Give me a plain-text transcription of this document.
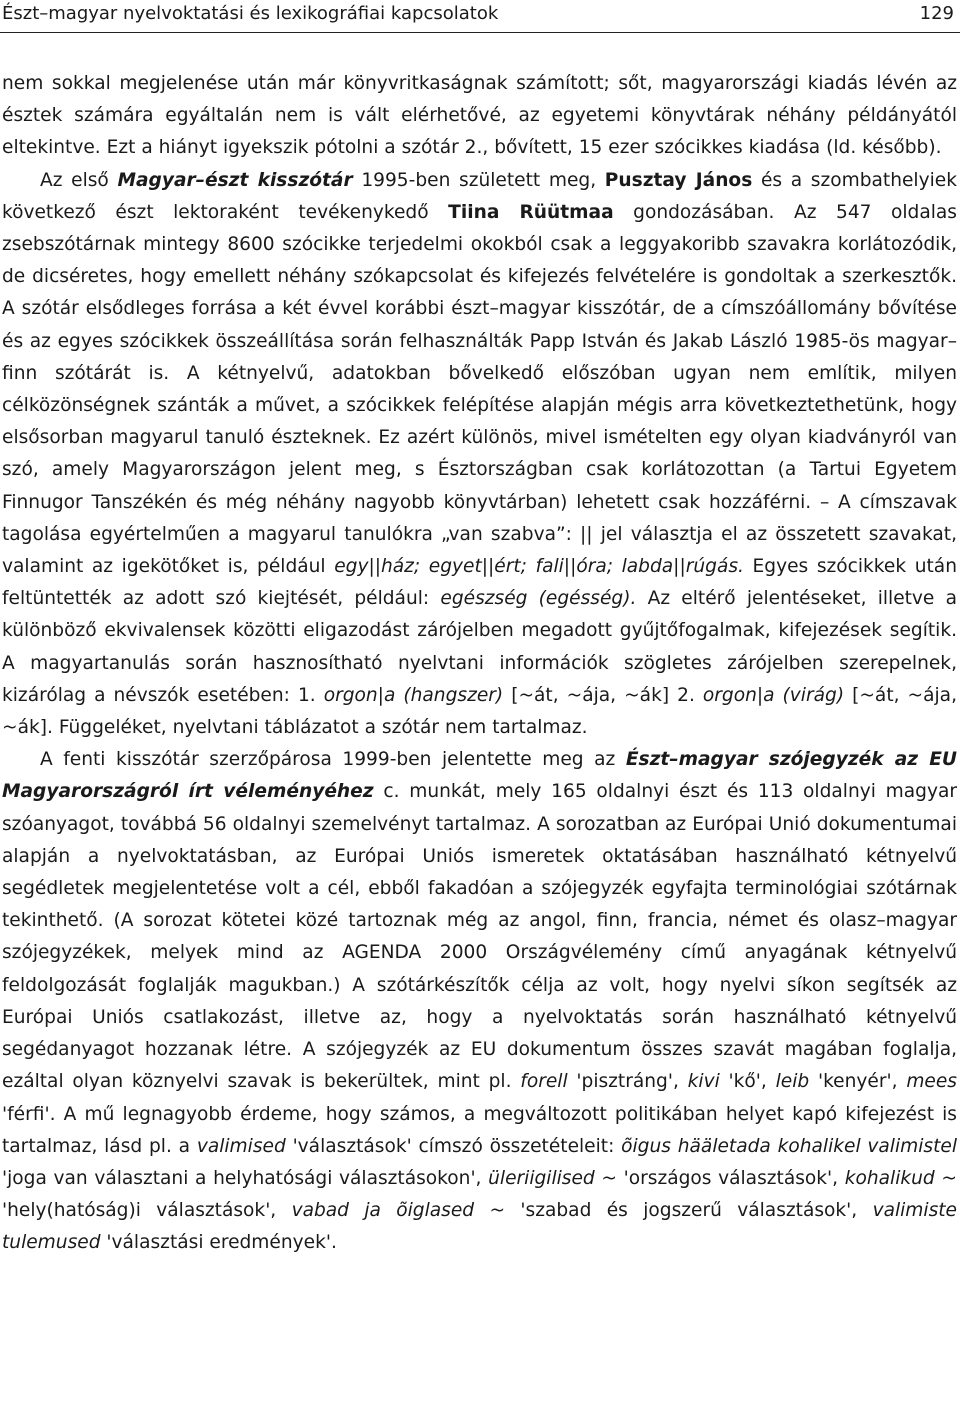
Észt–magyar nyelvoktatási és lexikográfiai kapcsolatok	129

nem sokkal megjelenése után már könyvritkaságnak számított; sőt, magyarországi kiadás lévén az észtek számára egyáltalán nem is vált elérhetővé, az egyetemi könyvtárak néhány példányától eltekintve. Ezt a hiányt igyekszik pótolni a szótár 2., bővített, 15 ezer szócikkes kiadása (ld. később).

Az első Magyar–észt kisszótár 1995-ben született meg, Pusztay János és a szombathelyiek következő észt lektoraként tevékenykedő Tiina Rüütmaa gondozásában. Az 547 oldalas zsebszótárnak mintegy 8600 szócikke terjedelmi okokból csak a leggyakoribb szavakra korlátozódik, de dicséretes, hogy emellett néhány szókapcsolat és kifejezés felvételére is gondoltak a szerkesztők. A szótár elsődleges forrása a két évvel korábbi észt–magyar kisszótár, de a címszóállomány bővítése és az egyes szócikkek összeállítása során felhasználták Papp István és Jakab László 1985-ös magyar–finn szótárát is. A kétnyelvű, adatokban bővelkedő előszóban ugyan nem említik, milyen célközönségnek szánták a művet, a szócikkek felépítése alapján mégis arra következtethetünk, hogy elsősorban magyarul tanuló észteknek. Ez azért különös, mivel ismételten egy olyan kiadványról van szó, amely Magyarországon jelent meg, s Észtországban csak korlátozottan (a Tartui Egyetem Finnugor Tanszékén és még néhány nagyobb könyvtárban) lehetett csak hozzáférni. – A címszavak tagolása egyértelműen a magyarul tanulókra „van szabva”: || jel választja el az összetett szavakat, valamint az igekötőket is, például egy||ház; egyet||ért; fali||óra; labda||rúgás. Egyes szócikkek után feltüntették az adott szó kiejtését, például: egészség (egésség). Az eltérő jelentéseket, illetve a különböző ekvivalensek közötti eligazodást zárójelben megadott gyűjtőfogalmak, kifejezések segítik. A magyartanulás során hasznosítható nyelvtani információk szögletes zárójelben szerepelnek, kizárólag a névszók esetében: 1. orgon|a (hangszer) [~át, ~ája, ~ák] 2. orgon|a (virág) [~át, ~ája, ~ák]. Függeléket, nyelvtani táblázatot a szótár nem tartalmaz.

A fenti kisszótár szerzőpárosa 1999-ben jelentette meg az Észt–magyar szójegyzék az EU Magyarországról írt véleményéhez c. munkát, mely 165 oldalnyi észt és 113 oldalnyi magyar szóanyagot, továbbá 56 oldalnyi szemelvényt tartalmaz. A sorozatban az Európai Unió dokumentumai alapján a nyelvoktatásban, az Európai Uniós ismeretek oktatásában használható kétnyelvű segédletek megjelentetése volt a cél, ebből fakadóan a szójegyzék egyfajta terminológiai szótárnak tekinthető. (A sorozat kötetei közé tartoznak még az angol, finn, francia, német és olasz–magyar szójegyzékek, melyek mind az AGENDA 2000 Országvélemény című anyagának kétnyelvű feldolgozását foglalják magukban.) A szótárkészítők célja az volt, hogy nyelvi síkon segítsék az Európai Uniós csatlakozást, illetve az, hogy a nyelvoktatás során használható kétnyelvű segédanyagot hozzanak létre. A szójegyzék az EU dokumentum összes szavát magában foglalja, ezáltal olyan köznyelvi szavak is bekerültek, mint pl. forell 'pisztráng', kivi 'kő', leib 'kenyér', mees 'férfi'. A mű legnagyobb érdeme, hogy számos, a megváltozott politikában helyet kapó kifejezést is tartalmaz, lásd pl. a valimised 'választások' címszó összetételeit: õigus hääletada kohalikel valimistel 'joga van választani a helyhatósági választásokon', üleriigilised ~ 'országos választások', kohalikud ~ 'hely(hatóság)i választások', vabad ja õiglased ~ 'szabad és jogszerű választások', valimiste tulemused 'választási eredmények'.
